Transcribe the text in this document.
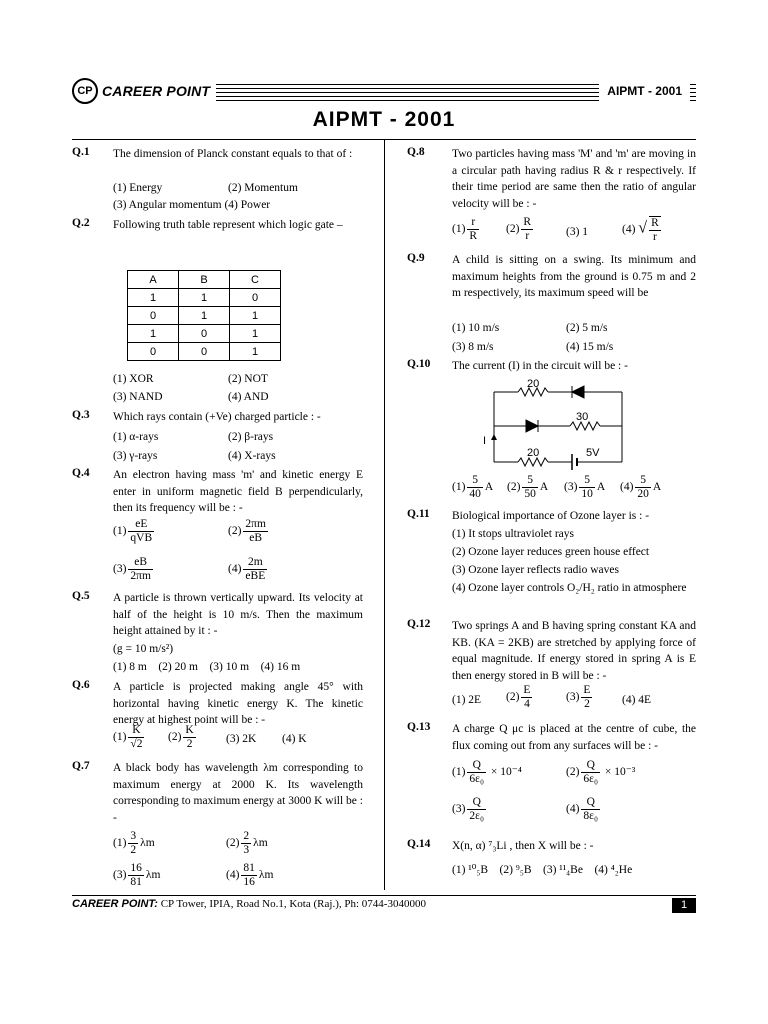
CP CAREER POINT	AIPMT - 2001
AIPMT - 2001
Q.1 The dimension of Planck constant equals to that of :
(1) Energy	(2) Momentum
(3) Angular momentum (4) Power
Q.2 Following truth table represent which logic gate –
A	B	C
1	1	0
0	1	1
1	0	1
0	0	1
(1) XOR	(2) NOT
(3) NAND	(4) AND
Q.3 Which rays contain (+Ve) charged particle : -
(1) α-rays	(2) β-rays
(3) γ-rays	(4) X-rays
Q.4 An electron having mass 'm' and kinetic energy E enter in uniform magnetic field B perpendicularly, then its frequency will be : -
$(1) \frac{eE}{\text{qVB}}$	$(2) \frac{2\pi m}{eB}$
$(3) \frac{eB}{2\pi m}$	$(4) \frac{2m}{\text{eBE}}$
Q.5 A particle is thrown vertically upward. Its velocity at half of the height is 10 m/s. Then the maximum height attained by it : -
(g = 10 m/s²)
(1) 8 m    (2) 20 m    (3) 10 m    (4) 16 m
Q.6 A particle is projected making angle 45° with horizontal having kinetic energy K. The kinetic energy at highest point will be : -
$(1) \frac{K}{√2} (2) \frac{K}{2}$	(3) 2K (4) K
Q.7 A black body has wavelength λm corresponding to maximum energy at 2000 K. Its wavelength corresponding to maximum energy at 3000 K will be : -
$(1) \frac{3}{2}$ λm	$(2) \frac{2}{3}$ λm
$(3) \frac{16}{81}$ λm	$(4) \frac{81}{16}$ λm
Q.8 Two particles having mass 'M' and 'm' are moving in a circular path having radius R & r respectively. If their time period are same then the ratio of angular velocity will be : -
$(1) \frac{r}{R} (2) \frac{R}{r}$	(3) 1	(4) √ $\frac{R}{r}$
Q.9 A child is sitting on a swing. Its minimum and maximum heights from the ground is 0.75 m and 2 m respectively, its maximum speed will be
(1) 10 m/s	(2) 5 m/s
(3) 8 m/s	(4) 15 m/s
Q.10 The current (I) in the circuit will be : -
20
30
20	5V
I
$(1) \frac{5}{40}$ A $(2) \frac{5}{50}$ A $(3) \frac{5}{10}$ A $(4) \frac{5}{20}$ A
Q.11 Biological importance of Ozone layer is : -
(1) It stops ultraviolet rays
(2) Ozone layer reduces green house effect
(3) Ozone layer reflects radio waves
(4) Ozone layer controls O₂/H₂ ratio in atmosphere
Q.12 Two springs A and B having spring constant KA and KB. (KA = 2KB) are stretched by applying force of equal magnitude. If energy stored in spring A is E then energy stored in B will be : -
(1) 2E $(2) \frac{E}{4}$	$(3) \frac{E}{2}$	(4) 4E
Q.13 A charge Q μc is placed at the centre of cube, the flux coming out from any surfaces will be : -
$(1) \frac{Q}{\text{6ε₀}} \times 10^{-4}$	$(2) \frac{Q}{\text{6ε₀}} \times 10^{-3}$
$(3) \frac{Q}{\text{2ε₀}}$	$(4) \frac{Q}{\text{8ε₀}}$
Q.14 X(n, α) ⁷₃Li , then X will be : -
(1) ¹⁰₅B    (2) ⁹₅B    (3) ¹¹₄Be    (4) ⁴₂He
CAREER POINT: CP Tower, IPIA, Road No.1, Kota (Raj.), Ph: 0744-3040000	1
